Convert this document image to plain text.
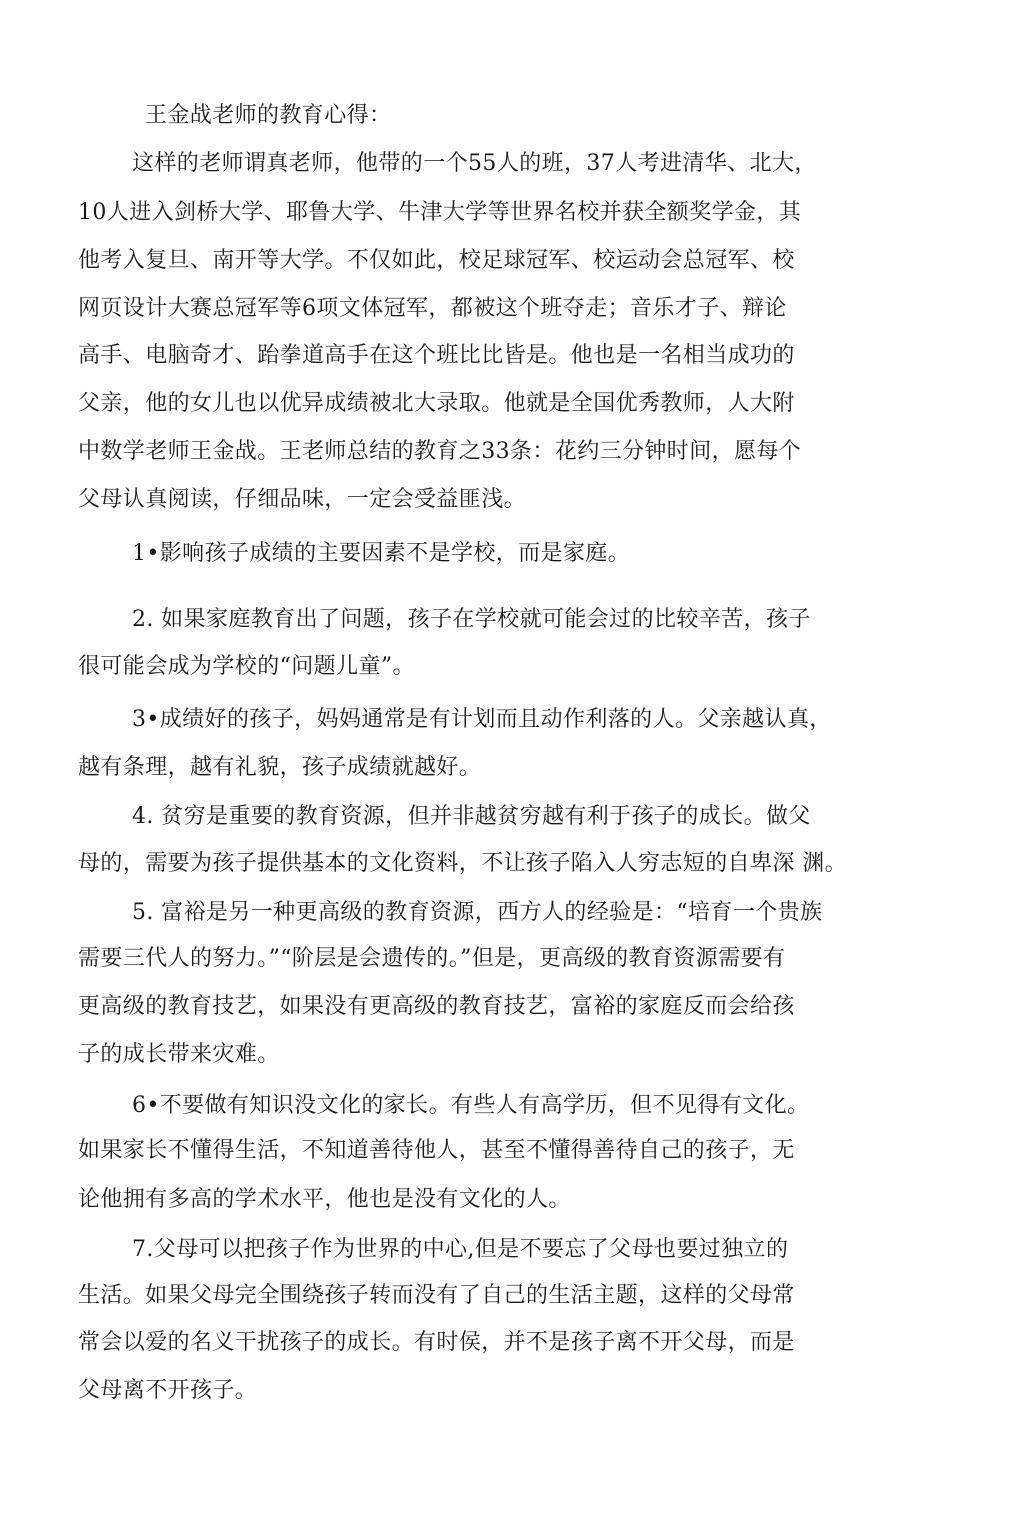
王金战老师的教育心得：
这样的老师谓真老师，他带的一个55人的班，37人考进清华、北大，
10人进入剑桥大学、耶鲁大学、牛津大学等世界名校并获全额奖学金，其
他考入复旦、南开等大学。不仅如此，校足球冠军、校运动会总冠军、校
网页设计大赛总冠军等6项文体冠军，都被这个班夺走；音乐才子、辩论
高手、电脑奇才、跆拳道高手在这个班比比皆是。他也是一名相当成功的
父亲，他的女儿也以优异成绩被北大录取。他就是全国优秀教师，人大附
中数学老师王金战。王老师总结的教育之33条：花约三分钟时间，愿每个
父母认真阅读，仔细品味，一定会受益匪浅。
1•影响孩子成绩的主要因素不是学校，而是家庭。
2. 如果家庭教育出了问题，孩子在学校就可能会过的比较辛苦，孩子
很可能会成为学校的“问题儿童”。
3•成绩好的孩子，妈妈通常是有计划而且动作利落的人。父亲越认真，
越有条理，越有礼貌，孩子成绩就越好。
4. 贫穷是重要的教育资源，但并非越贫穷越有利于孩子的成长。做父
母的，需要为孩子提供基本的文化资料，不让孩子陷入人穷志短的自卑深 渊。
5. 富裕是另一种更高级的教育资源，西方人的经验是：“培育一个贵族
需要三代人的努力。”“阶层是会遗传的。”但是，更高级的教育资源需要有
更高级的教育技艺，如果没有更高级的教育技艺，富裕的家庭反而会给孩
子的成长带来灾难。
6•不要做有知识没文化的家长。有些人有高学历，但不见得有文化。
如果家长不懂得生活，不知道善待他人，甚至不懂得善待自己的孩子，无
论他拥有多高的学术水平，他也是没有文化的人。
7.父母可以把孩子作为世界的中心,但是不要忘了父母也要过独立的
生活。如果父母完全围绕孩子转而没有了自己的生活主题，这样的父母常
常会以爱的名义干扰孩子的成长。有时侯，并不是孩子离不开父母，而是
父母离不开孩子。
